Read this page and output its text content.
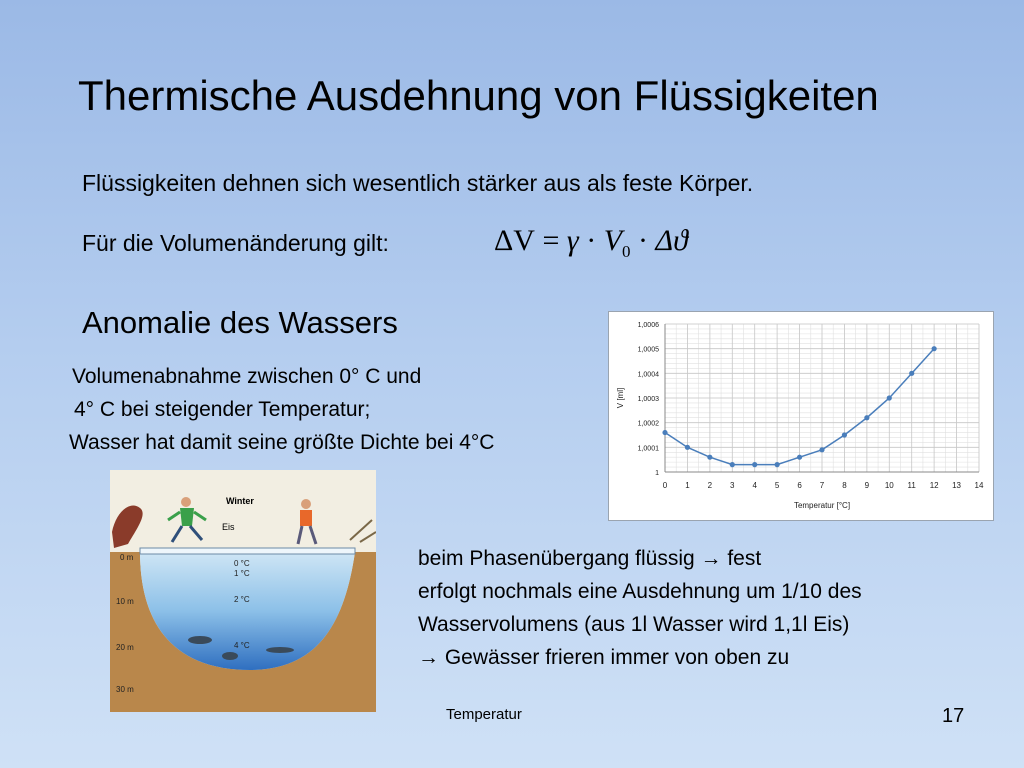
Thermische Ausdehnung von Flüssigkeiten
Flüssigkeiten dehnen sich wesentlich stärker aus als feste Körper.
Für die Volumenänderung gilt:	$\Delta V = \gamma \cdot V_0 \cdot \Delta ϑ$
Anomalie des Wassers
Volumenabnahme zwischen 0° C und
4° C bei steigender Temperatur;
Wasser hat damit seine größte Dichte bei 4°C
0 1 2 3 4 5 6 7 8 9 10 11 12 13 14
1
1,0001
1,0002
1,0003
1,0004
1,0005
1,0006
Temperatur [°C]
V [ml]
Winter
Eis
0 m
10 m
20 m
30 m
0 °C
1 °C
2 °C
4 °C
beim Phasenübergang flüssig → fest
erfolgt nochmals eine Ausdehnung um 1/10 des
Wasservolumens (aus 1l Wasser wird 1,1l Eis)
→ Gewässer frieren immer von oben zu
Temperatur	17
